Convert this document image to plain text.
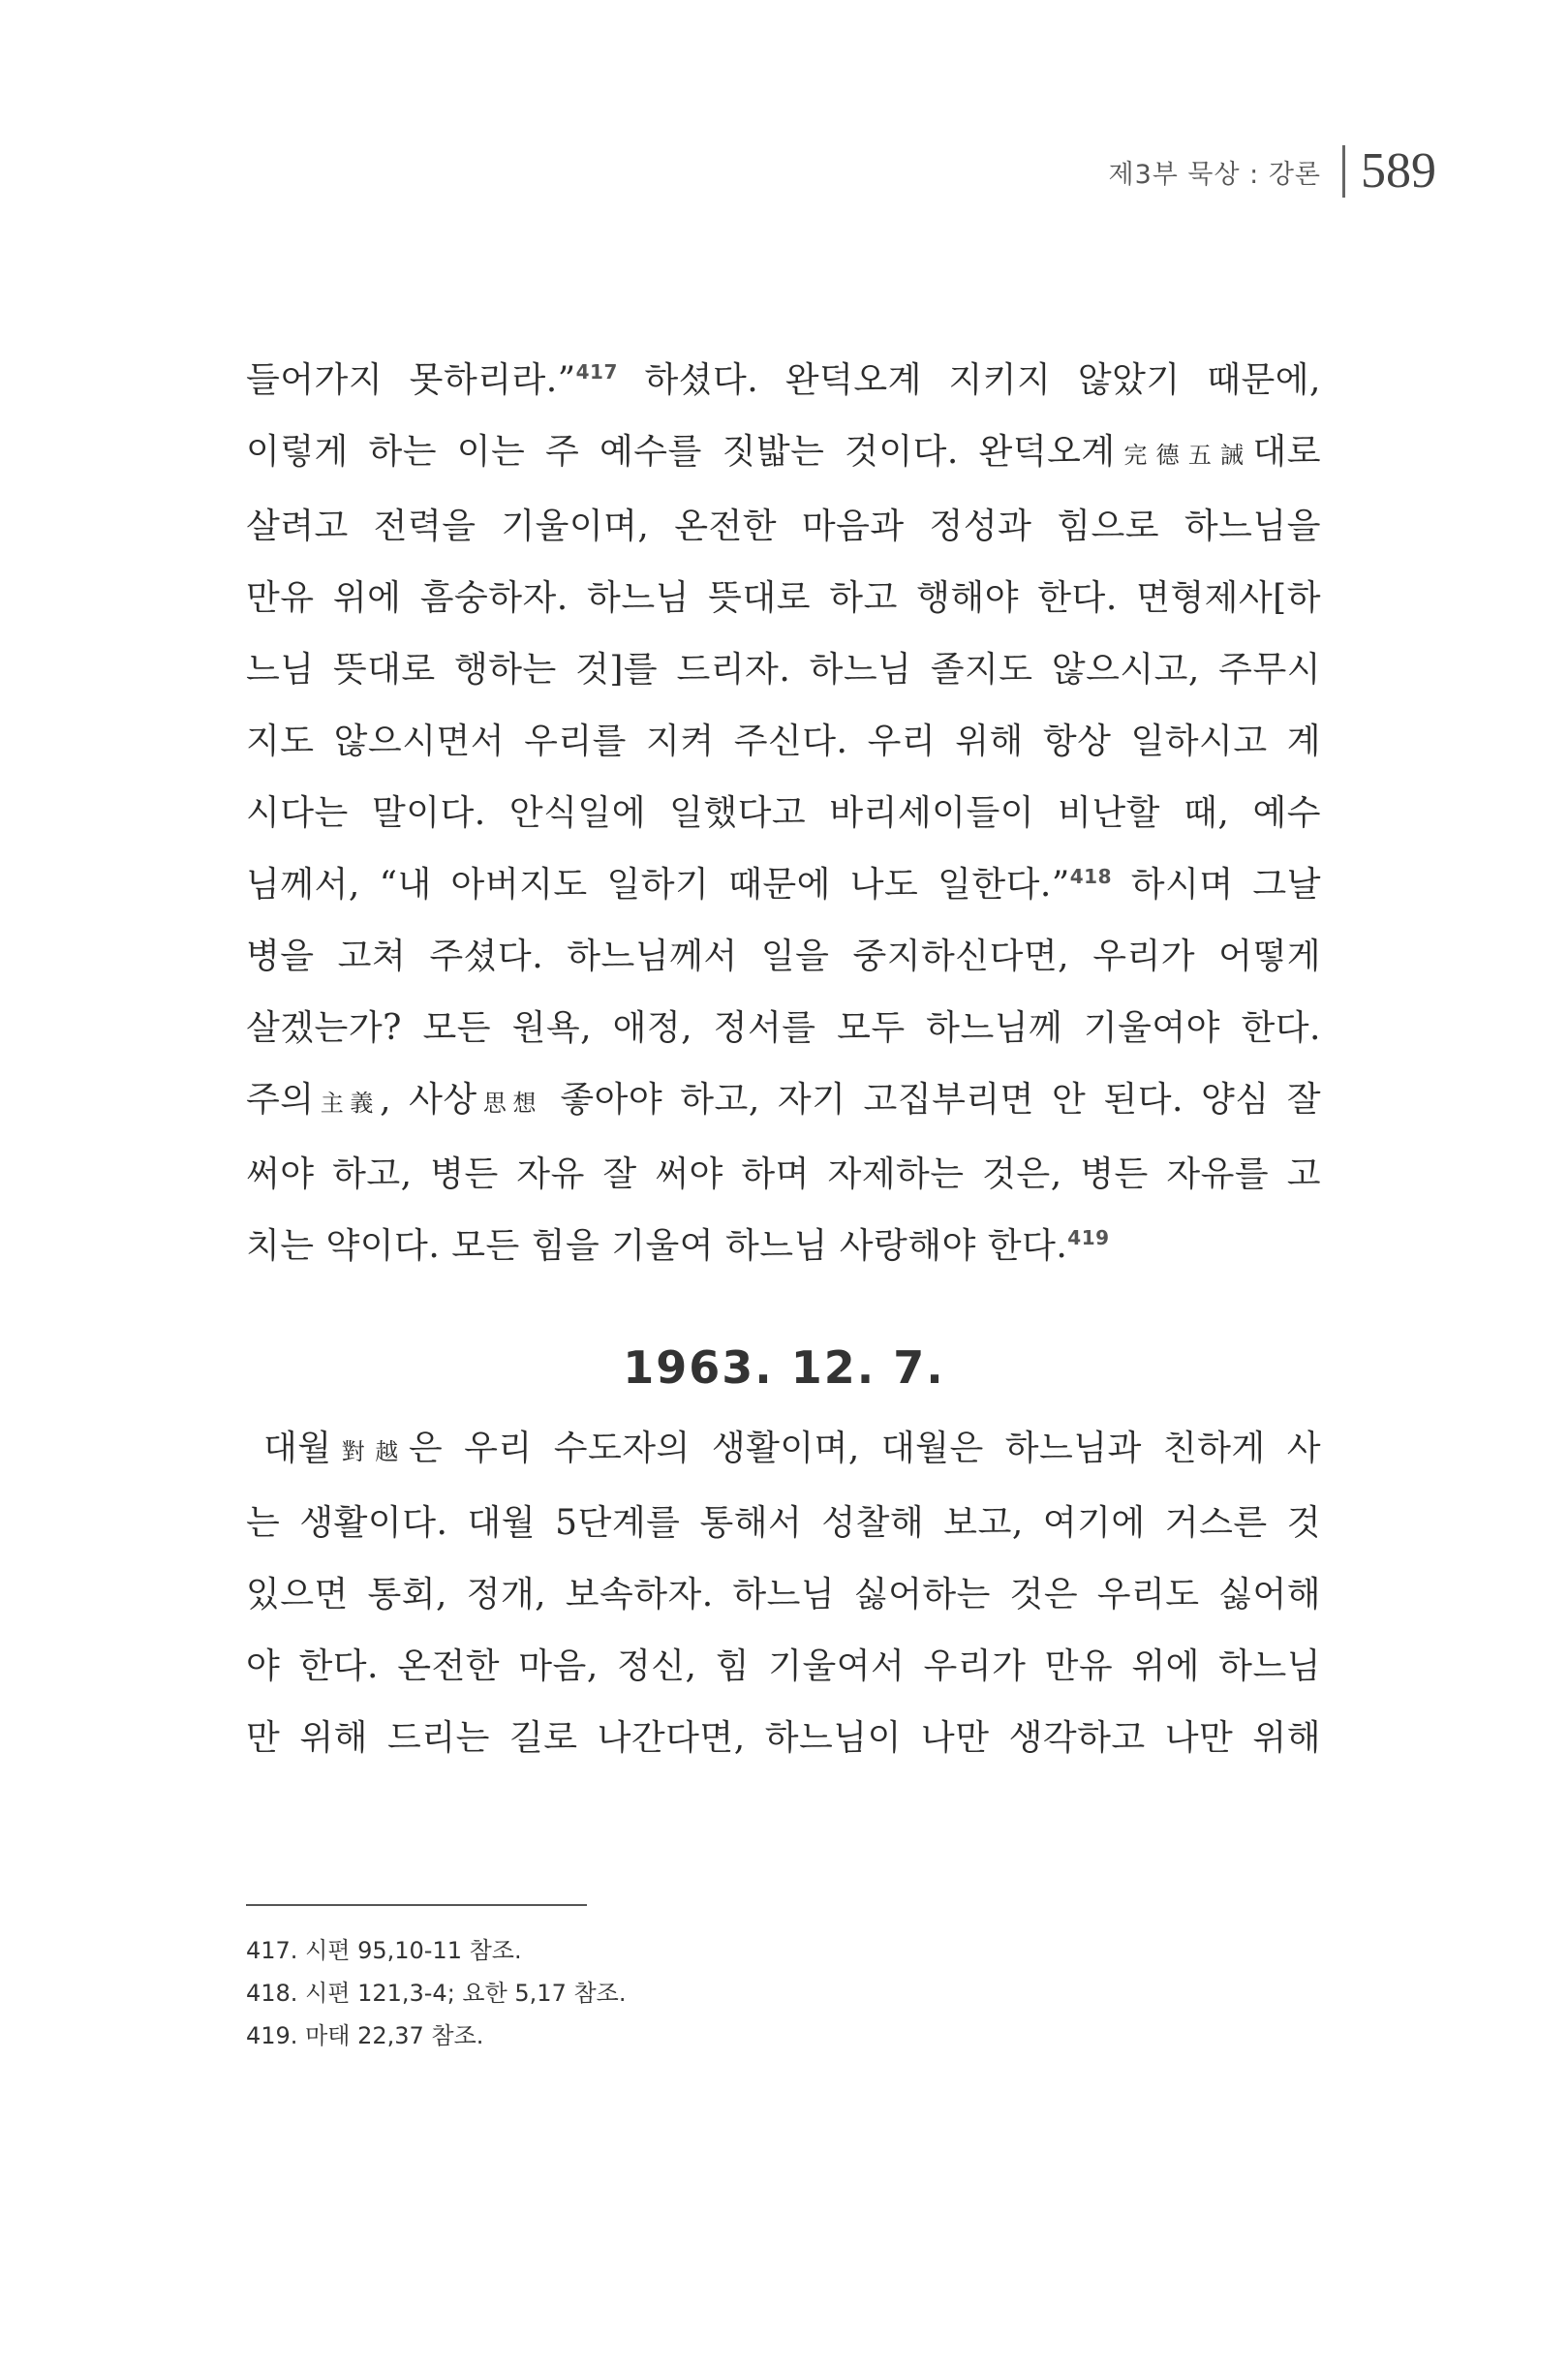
제3부 묵상 : 강론 589
들어가지 못하리라.”$^{417}$ 하셨다. 완덕오계 지키지 않았기 때문에,
이렇게 하는 이는 주 예수를 짓밟는 것이다. 완덕오계完德五誡대로
살려고 전력을 기울이며, 온전한 마음과 정성과 힘으로 하느님을
만유 위에 흠숭하자. 하느님 뜻대로 하고 행해야 한다. 면형제사[하
느님 뜻대로 행하는 것]를 드리자. 하느님 졸지도 않으시고, 주무시
지도 않으시면서 우리를 지켜 주신다. 우리 위해 항상 일하시고 계
시다는 말이다. 안식일에 일했다고 바리세이들이 비난할 때, 예수
님께서, “내 아버지도 일하기 때문에 나도 일한다.”$^{418}$ 하시며 그날
병을 고쳐 주셨다. 하느님께서 일을 중지하신다면, 우리가 어떻게
살겠는가? 모든 원욕, 애정, 정서를 모두 하느님께 기울여야 한다.
주의主義, 사상思想 좋아야 하고, 자기 고집부리면 안 된다. 양심 잘
써야 하고, 병든 자유 잘 써야 하며 자제하는 것은, 병든 자유를 고
치는 약이다. 모든 힘을 기울여 하느님 사랑해야 한다.$^{419}$
1963. 12. 7.
대월對越은 우리 수도자의 생활이며, 대월은 하느님과 친하게 사
는 생활이다. 대월 5단계를 통해서 성찰해 보고, 여기에 거스른 것
있으면 통회, 정개, 보속하자. 하느님 싫어하는 것은 우리도 싫어해
야 한다. 온전한 마음, 정신, 힘 기울여서 우리가 만유 위에 하느님
만 위해 드리는 길로 나간다면, 하느님이 나만 생각하고 나만 위해
417. 시편 95,10-11 참조.
418. 시편 121,3-4; 요한 5,17 참조.
419. 마태 22,37 참조.
